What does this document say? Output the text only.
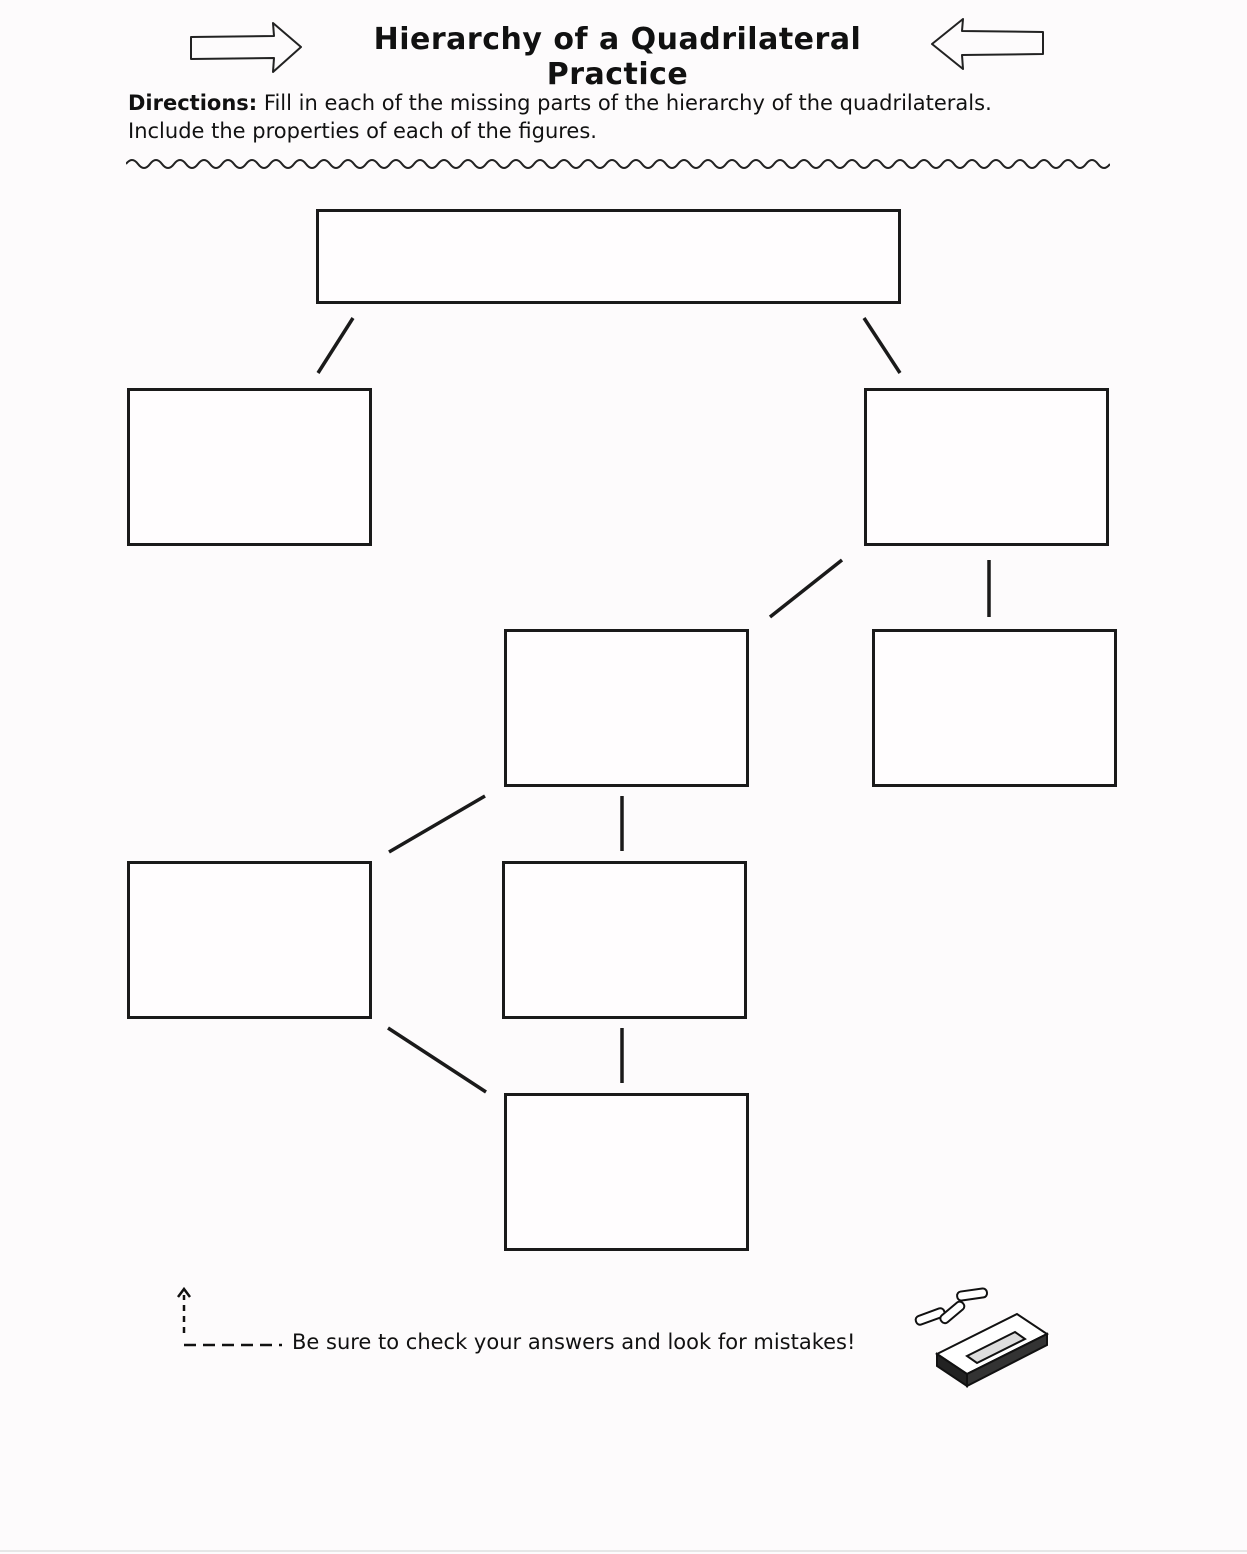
Hierarchy of a Quadrilateral Practice
Directions: Fill in each of the missing parts of the hierarchy of the quadrilaterals.
Include the properties of each of the figures.
Be sure to check your answers and look for mistakes!
